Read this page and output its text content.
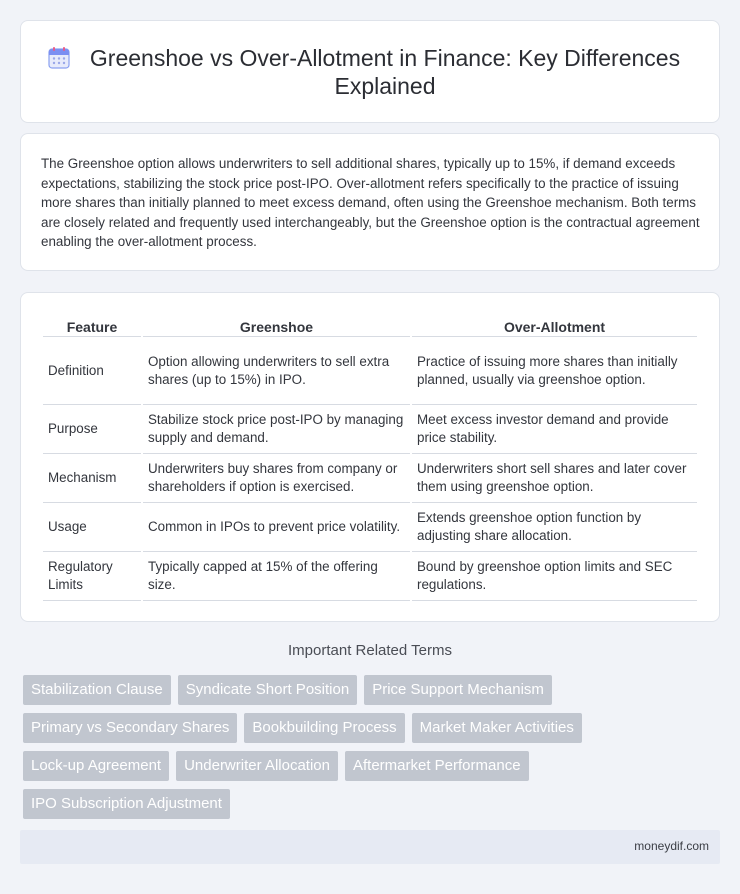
Greenshoe vs Over-Allotment in Finance: Key Differences Explained

The Greenshoe option allows underwriters to sell additional shares, typically up to 15%, if demand exceeds expectations, stabilizing the stock price post-IPO. Over-allotment refers specifically to the practice of issuing more shares than initially planned to meet excess demand, often using the Greenshoe mechanism. Both terms are closely related and frequently used interchangeably, but the Greenshoe option is the contractual agreement enabling the over-allotment process.

Feature	Greenshoe	Over-Allotment
Definition	Option allowing underwriters to sell extra shares (up to 15%) in IPO.	Practice of issuing more shares than initially planned, usually via greenshoe option.
Purpose	Stabilize stock price post-IPO by managing supply and demand.	Meet excess investor demand and provide price stability.
Mechanism	Underwriters buy shares from company or shareholders if option is exercised.	Underwriters short sell shares and later cover them using greenshoe option.
Usage	Common in IPOs to prevent price volatility.	Extends greenshoe option function by adjusting share allocation.
Regulatory Limits	Typically capped at 15% of the offering size.	Bound by greenshoe option limits and SEC regulations.
Important Related Terms
Stabilization Clause	Syndicate Short Position	Price Support Mechanism
Primary vs Secondary Shares	Bookbuilding Process	Market Maker Activities
Lock-up Agreement	Underwriter Allocation	Aftermarket Performance
IPO Subscription Adjustment
moneydif.com
